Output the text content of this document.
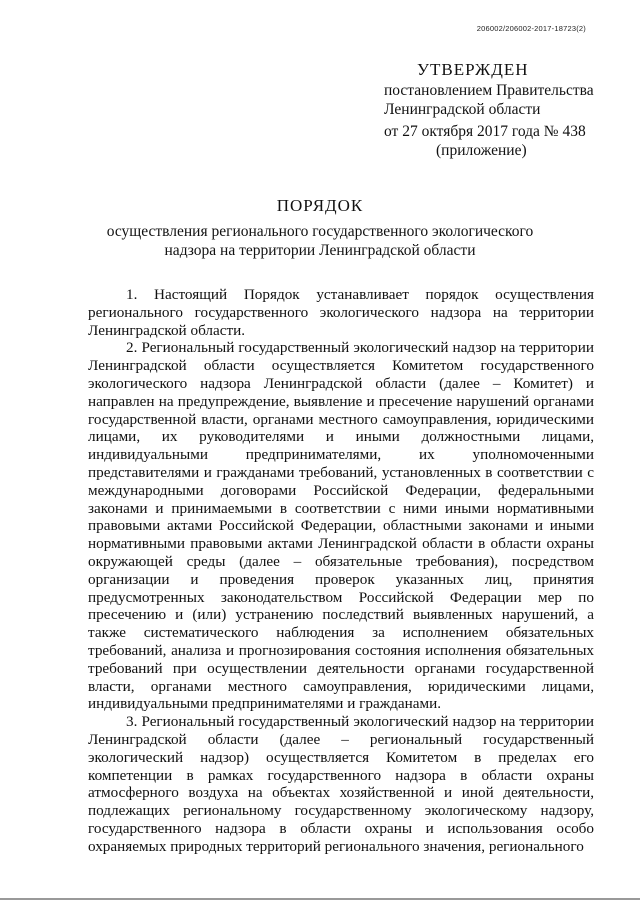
206002/206002-2017-18723(2)
УТВЕРЖДЕН
постановлением Правительства
Ленинградской области
от 27 октября 2017 года № 438
(приложение)
ПОРЯДОК
осуществления регионального государственного экологического
надзора на территории Ленинградской области

1. Настоящий Порядок устанавливает порядок осуществления регионального государственного экологического надзора на территории Ленинградской области.

2. Региональный государственный экологический надзор на территории Ленинградской области осуществляется Комитетом государственного экологического надзора Ленинградской области (далее – Комитет) и направлен на предупреждение, выявление и пресечение нарушений органами государственной власти, органами местного самоуправления, юридическими лицами, их руководителями и иными должностными лицами, индивидуальными предпринимателями, их уполномоченными представителями и гражданами требований, установленных в соответствии с международными договорами Российской Федерации, федеральными законами и принимаемыми в соответствии с ними иными нормативными правовыми актами Российской Федерации, областными законами и иными нормативными правовыми актами Ленинградской области в области охраны окружающей среды (далее – обязательные требования), посредством организации и проведения проверок указанных лиц, принятия предусмотренных законодательством Российской Федерации мер по пресечению и (или) устранению последствий выявленных нарушений, а также систематического наблюдения за исполнением обязательных требований, анализа и прогнозирования состояния исполнения обязательных требований при осуществлении деятельности органами государственной власти, органами местного самоуправления, юридическими лицами, индивидуальными предпринимателями и гражданами.

3. Региональный государственный экологический надзор на территории Ленинградской области (далее – региональный государственный экологический надзор) осуществляется Комитетом в пределах его компетенции в рамках государственного надзора в области охраны атмосферного воздуха на объектах хозяйственной и иной деятельности, подлежащих региональному государственному экологическому надзору, государственного надзора в области охраны и использования особо охраняемых природных территорий регионального значения, регионального
